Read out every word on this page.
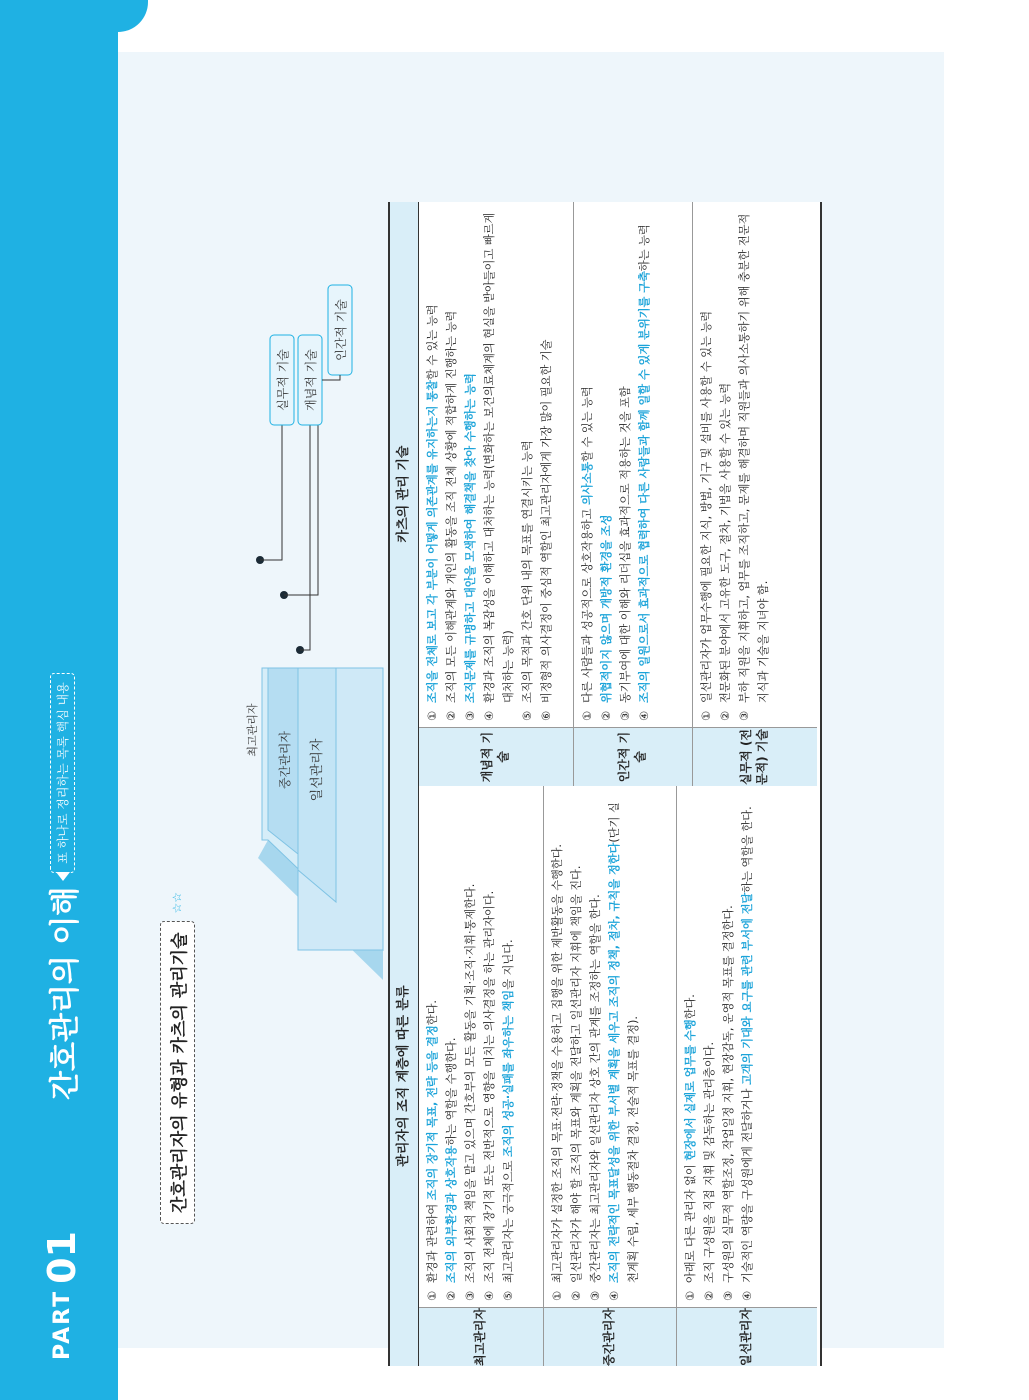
PART
01
간호관리의 이해
표 하나로 정리하는 목록 핵심 내용
간호관리자의 유형과 카츠의 관리기술
☆☆
일선관리자
중간관리자
최고관리자
개념적 기술
인간적 기술
실무적 기술
관리자의 조직 계층에 따른 분류
최고관리자
①
환경과 관련하여 조직의 장기적 목표, 전략 등을 결정한다.
②
조직의 외부환경과 상호작용하는 역할을 수행한다.
③
조직의 사회적 책임을 맡고 있으며 간호부의 모든 활동을 기획·조직·지휘·통제한다.
④
조직 전체에 장기적 또는 전반적으로 영향을 미치는 의사결정을 하는 관리자이다.
⑤
최고관리자는 궁극적으로 조직의 성공·실패를 좌우하는 책임을 지닌다.
중간관리자
①
최고관리자가 설정한 조직의 목표·전략·정책을 수용하고 집행을 위한 제반활동을 수행한다.
②
일선관리자가 해야 할 조직의 목표와 계획을 전달하고 일선관리자 지휘에 책임을 진다.
③
중간관리자는 최고관리자와 일선관리자 상호 간의 관계를 조정하는 역할을 한다.
④
조직의 전략적인 목표달성을 위한 부서별 계획을 세우고 조직의 정책, 절차, 규칙을 정한다(단기 실천계획 수립, 세부 행동절차 결정, 전술적 목표를 결정).
일선관리자
①
아래로 다른 관리자 없이 현장에서 실제로 업무를 수행한다.
②
조직 구성원을 직접 지휘 및 감독하는 관리층이다.
③
구성원의 실무적 역할조정, 작업일정 지휘, 현장감독, 운영적 목표를 결정한다.
④
기술적인 역량을 구성원에게 전달하거나 고객의 기대와 요구를 관련 부서에 전달하는 역할을 한다.
카츠의 관리 기술
개념적 기술
①
조직을 전체로 보고 각 부분이 어떻게 의존관계를 유지하는지 통찰할 수 있는 능력
②
조직의 모든 이해관계와 개인의 활동을 조직 전체 상황에 적합하게 진행하는 능력
③
조직문제를 규명하고 대안을 모색하여 해결책을 찾아 수행하는 능력
④
환경과 조직의 복잡성을 이해하고 대처하는 능력(변화하는 보건의료체계의 현실을 받아들이고 빠르게 대처하는 능력)
⑤
조직의 목적과 간호 단위 내의 목표를 연결시키는 능력
⑥
비정형적 의사결정이 중심적 역할인 최고관리자에게 가장 많이 필요한 기술
인간적 기술
①
다른 사람들과 성공적으로 상호작용하고 의사소통할 수 있는 능력
②
위협적이지 않으며 개방적 환경을 조성
③
동기부여에 대한 이해와 리더십을 효과적으로 적용하는 것을 포함
④
조직의 일원으로서 효과적으로 협력하여 다른 사람들과 함께 일할 수 있게 분위기를 구축하는 능력
실무적 (전문적) 기술
①
일선관리자가 업무수행에 필요한 지식, 방법, 기구 및 설비를 사용할 수 있는 능력
②
전문화된 분야에서 고유한 도구, 절차, 기법을 사용할 수 있는 능력
③
부하 직원을 지휘하고, 업무를 조직하고, 문제를 해결하며 직원들과 의사소통하기 위해 충분한 전문적 지식과 기술을 지녀야 함.
